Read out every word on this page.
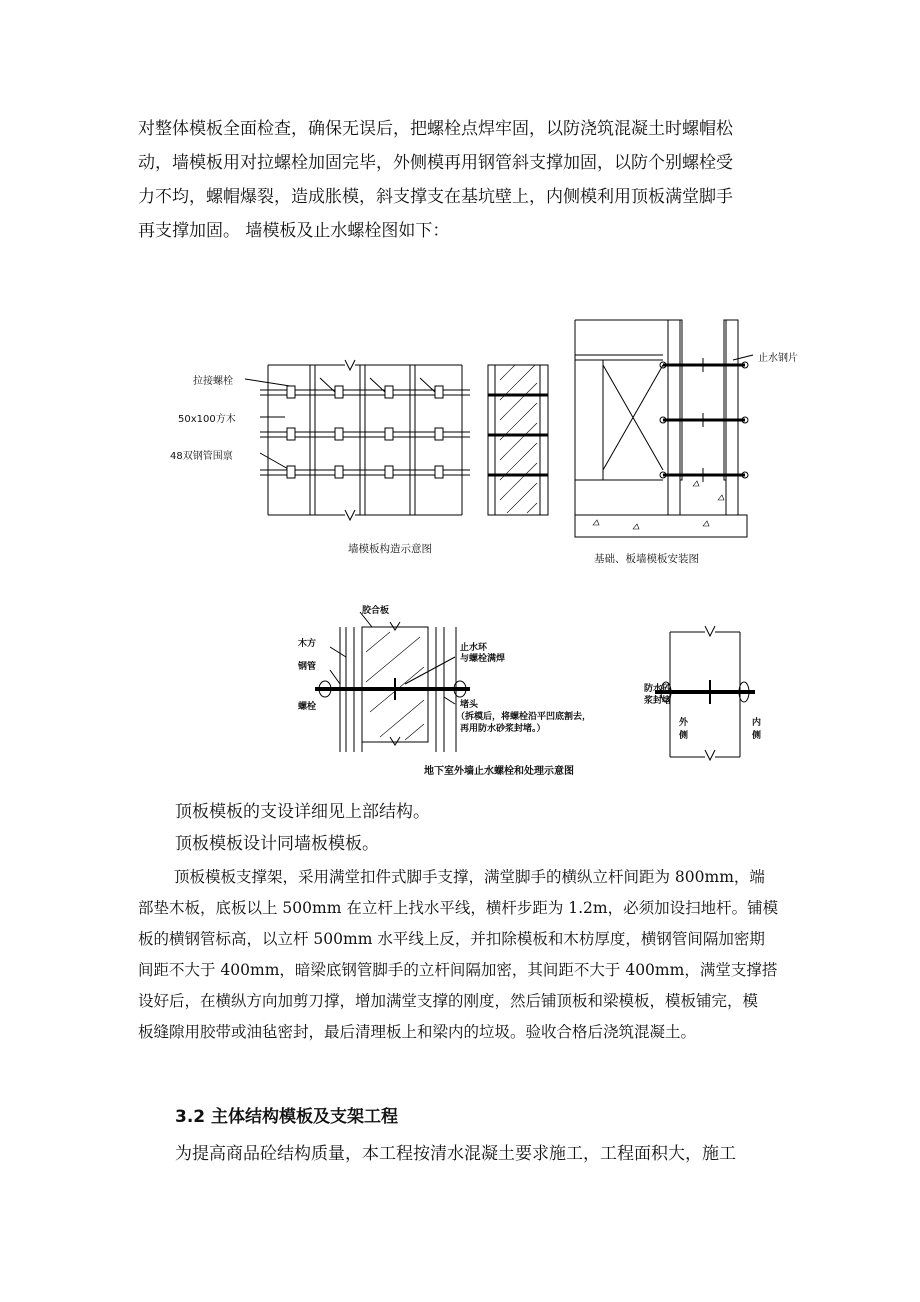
对整体模板全面检查，确保无误后，把螺栓点焊牢固，以防浇筑混凝土时螺帽松
动，墙模板用对拉螺栓加固完毕，外侧模再用钢管斜支撑加固，以防个别螺栓受
力不均，螺帽爆裂，造成胀模，斜支撑支在基坑壁上，内侧模利用顶板满堂脚手
再支撑加固。 墙模板及止水螺栓图如下：
拉接螺栓
50x100方木
48双钢管围禀
墙模板构造示意图
止水钢片
基础、板墙模板安装图
胶合板
木方
钢管
螺栓
止水环
与螺栓满焊
堵头
（拆模后，将螺栓沿平凹底割去，
再用防水砂浆封堵。）
防水砂
浆封堵
外
侧
内
侧
地下室外墙止水螺栓和处理示意图
顶板模板的支设详细见上部结构。
顶板模板设计同墙板模板。
顶板模板支撑架，采用满堂扣件式脚手支撑，满堂脚手的横纵立杆间距为 800mm，端
部垫木板，底板以上 500mm 在立杆上找水平线，横杆步距为 1.2m，必须加设扫地杆。铺模
板的横钢管标高，以立杆 500mm 水平线上反，并扣除模板和木枋厚度，横钢管间隔加密期
间距不大于 400mm，暗梁底钢管脚手的立杆间隔加密，其间距不大于 400mm，满堂支撑搭
设好后，在横纵方向加剪刀撑，增加满堂支撑的刚度，然后铺顶板和梁模板，模板铺完，模
板缝隙用胶带或油毡密封，最后清理板上和梁内的垃圾。验收合格后浇筑混凝土。
3.2 主体结构模板及支架工程
为提高商品砼结构质量，本工程按清水混凝土要求施工，工程面积大，施工
